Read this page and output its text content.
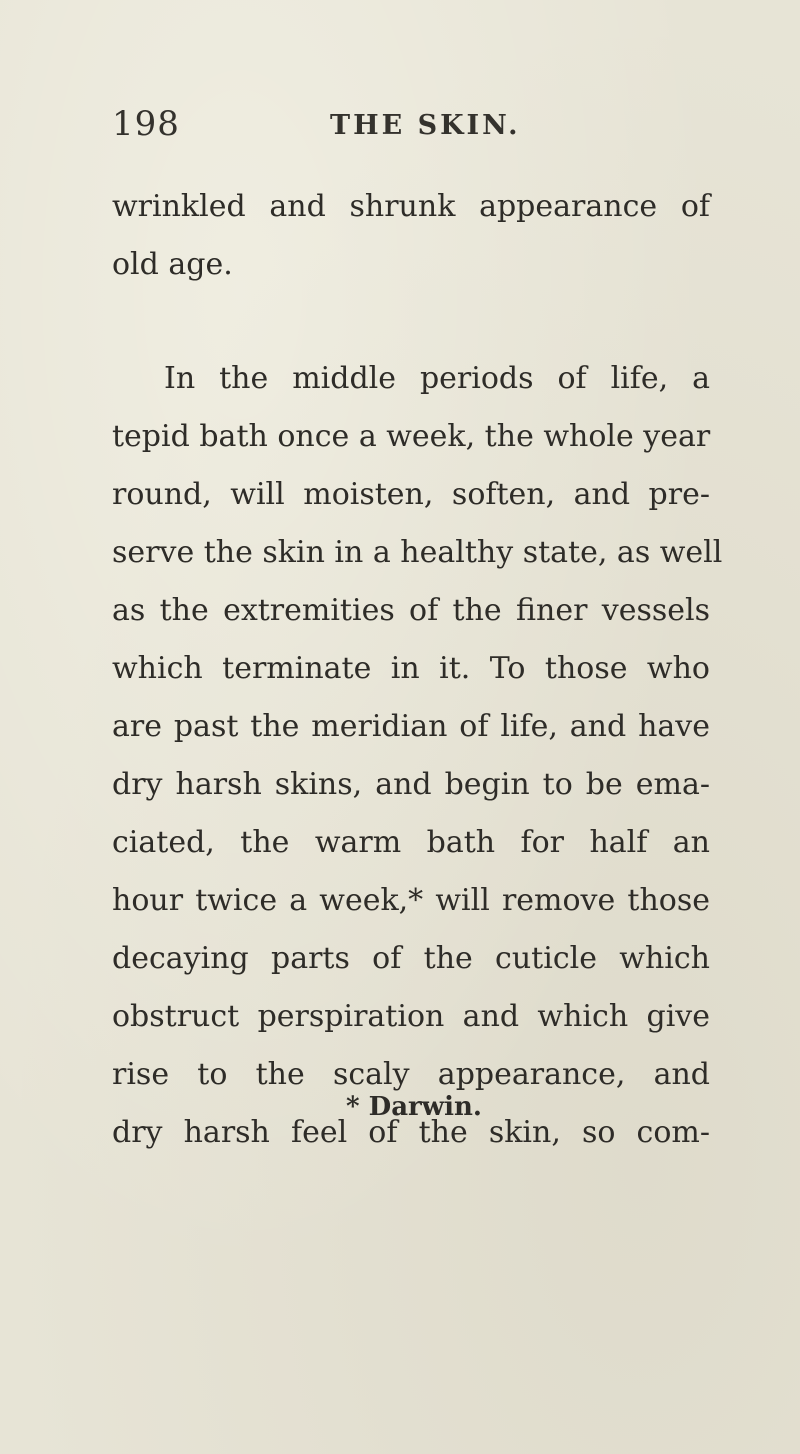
198	THE SKIN.
wrinkled and shrunk appearance of
old age.
In the middle periods of life, a
tepid bath once a week, the whole year
round, will moisten, soften, and pre-
serve the skin in a healthy state, as well
as the extremities of the finer vessels
which terminate in it. To those who
are past the meridian of life, and have
dry harsh skins, and begin to be ema-
ciated, the warm bath for half an
hour twice a week,* will remove those
decaying parts of the cuticle which
obstruct perspiration and which give
rise to the scaly appearance, and
dry harsh feel of the skin, so com-
* Darwin.
